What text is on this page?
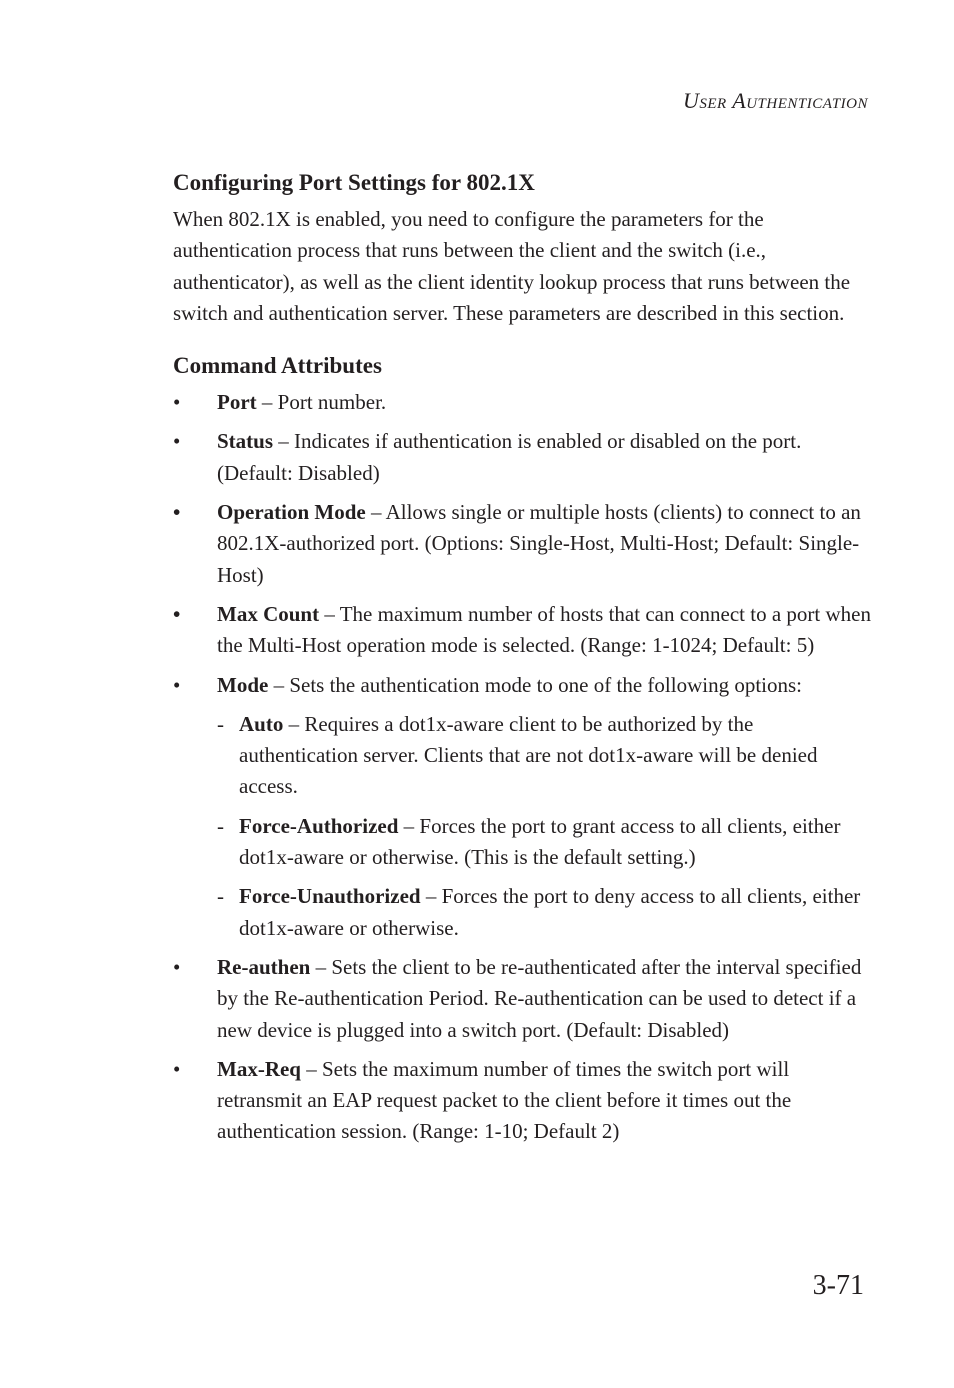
User Authentication
Configuring Port Settings for 802.1X

When 802.1X is enabled, you need to configure the parameters for the authentication process that runs between the client and the switch (i.e., authenticator), as well as the client identity lookup process that runs between the switch and authentication server. These parameters are described in this section.

Command Attributes
•	Port – Port number.
•	Status – Indicates if authentication is enabled or disabled on the port. (Default: Disabled)
•	Operation Mode – Allows single or multiple hosts (clients) to connect to an 802.1X-authorized port. (Options: Single-Host, Multi-Host; Default: Single-Host)
•	Max Count – The maximum number of hosts that can connect to a port when the Multi-Host operation mode is selected. (Range: 1-1024; Default: 5)
•	Mode – Sets the authentication mode to one of the following options:
- Auto – Requires a dot1x-aware client to be authorized by the authentication server. Clients that are not dot1x-aware will be denied access.
- Force-Authorized – Forces the port to grant access to all clients, either dot1x-aware or otherwise. (This is the default setting.)
- Force-Unauthorized – Forces the port to deny access to all clients, either dot1x-aware or otherwise.
•	Re-authen – Sets the client to be re-authenticated after the interval specified by the Re-authentication Period. Re-authentication can be used to detect if a new device is plugged into a switch port. (Default: Disabled)
•	Max-Req – Sets the maximum number of times the switch port will retransmit an EAP request packet to the client before it times out the authentication session. (Range: 1-10; Default 2)
3-71
